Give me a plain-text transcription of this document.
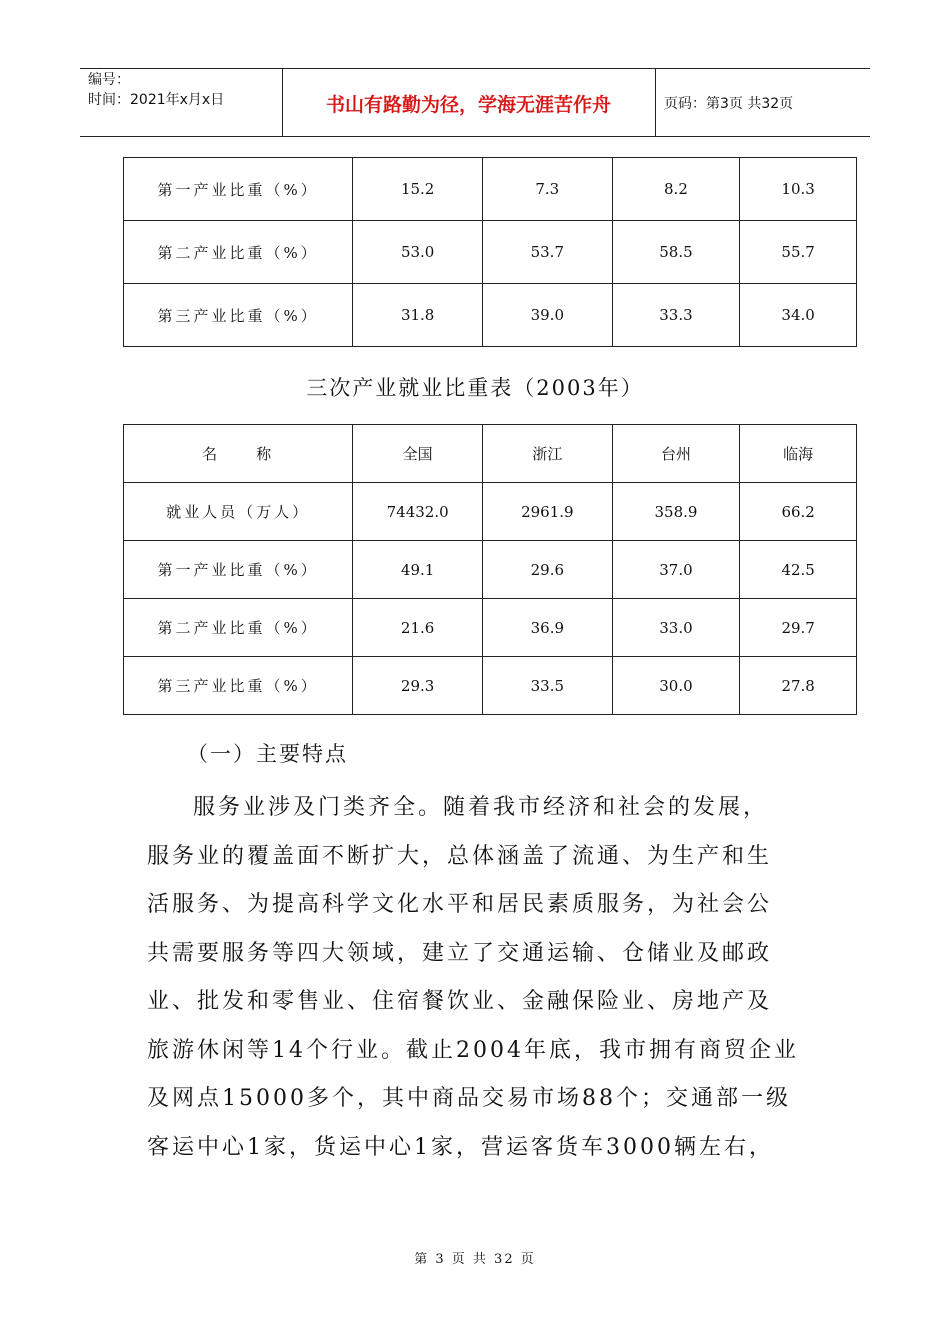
编号：
时间：2021年x月x日	书山有路勤为径，学海无涯苦作舟	页码：第3页 共32页
第一产业比重（%）	15.2	7.3	8.2	10.3
第二产业比重（%）	53.0	53.7	58.5	55.7
第三产业比重（%）	31.8	39.0	33.3	34.0
三次产业就业比重表（2003年）
名　　称	全国	浙江	台州	临海
就业人员（万人）	74432.0	2961.9	358.9	66.2
第一产业比重（%）	49.1	29.6	37.0	42.5
第二产业比重（%）	21.6	36.9	33.0	29.7
第三产业比重（%）	29.3	33.5	30.0	27.8
（一）主要特点
服务业涉及门类齐全。随着我市经济和社会的发展，
服务业的覆盖面不断扩大，总体涵盖了流通、为生产和生
活服务、为提高科学文化水平和居民素质服务，为社会公
共需要服务等四大领域，建立了交通运输、仓储业及邮政
业、批发和零售业、住宿餐饮业、金融保险业、房地产及
旅游休闲等14个行业。截止2004年底，我市拥有商贸企业
及网点15000多个，其中商品交易市场88个；交通部一级
客运中心1家，货运中心1家，营运客货车3000辆左右，
第 3 页 共 32 页
